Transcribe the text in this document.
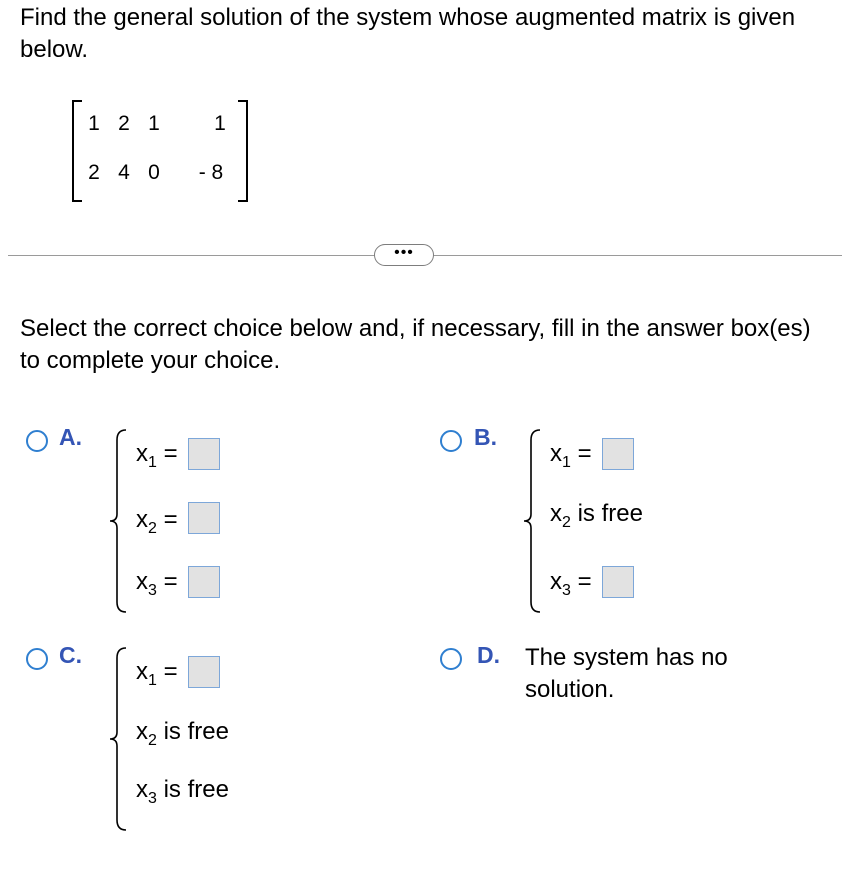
Find the general solution of the system whose augmented matrix is given below.
1 2 1	1
2 4 0	- 8
•••
Select the correct choice below and, if necessary, fill in the answer box(es) to complete your choice.
A.
$x_1$ =
$x_2$ =
$x_3$ =
B.
$x_1$ =
$x_2$ is free
$x_3$ =
C.
$x_1$ =
$x_2$ is free
$x_3$ is free
D. The system has no solution.
